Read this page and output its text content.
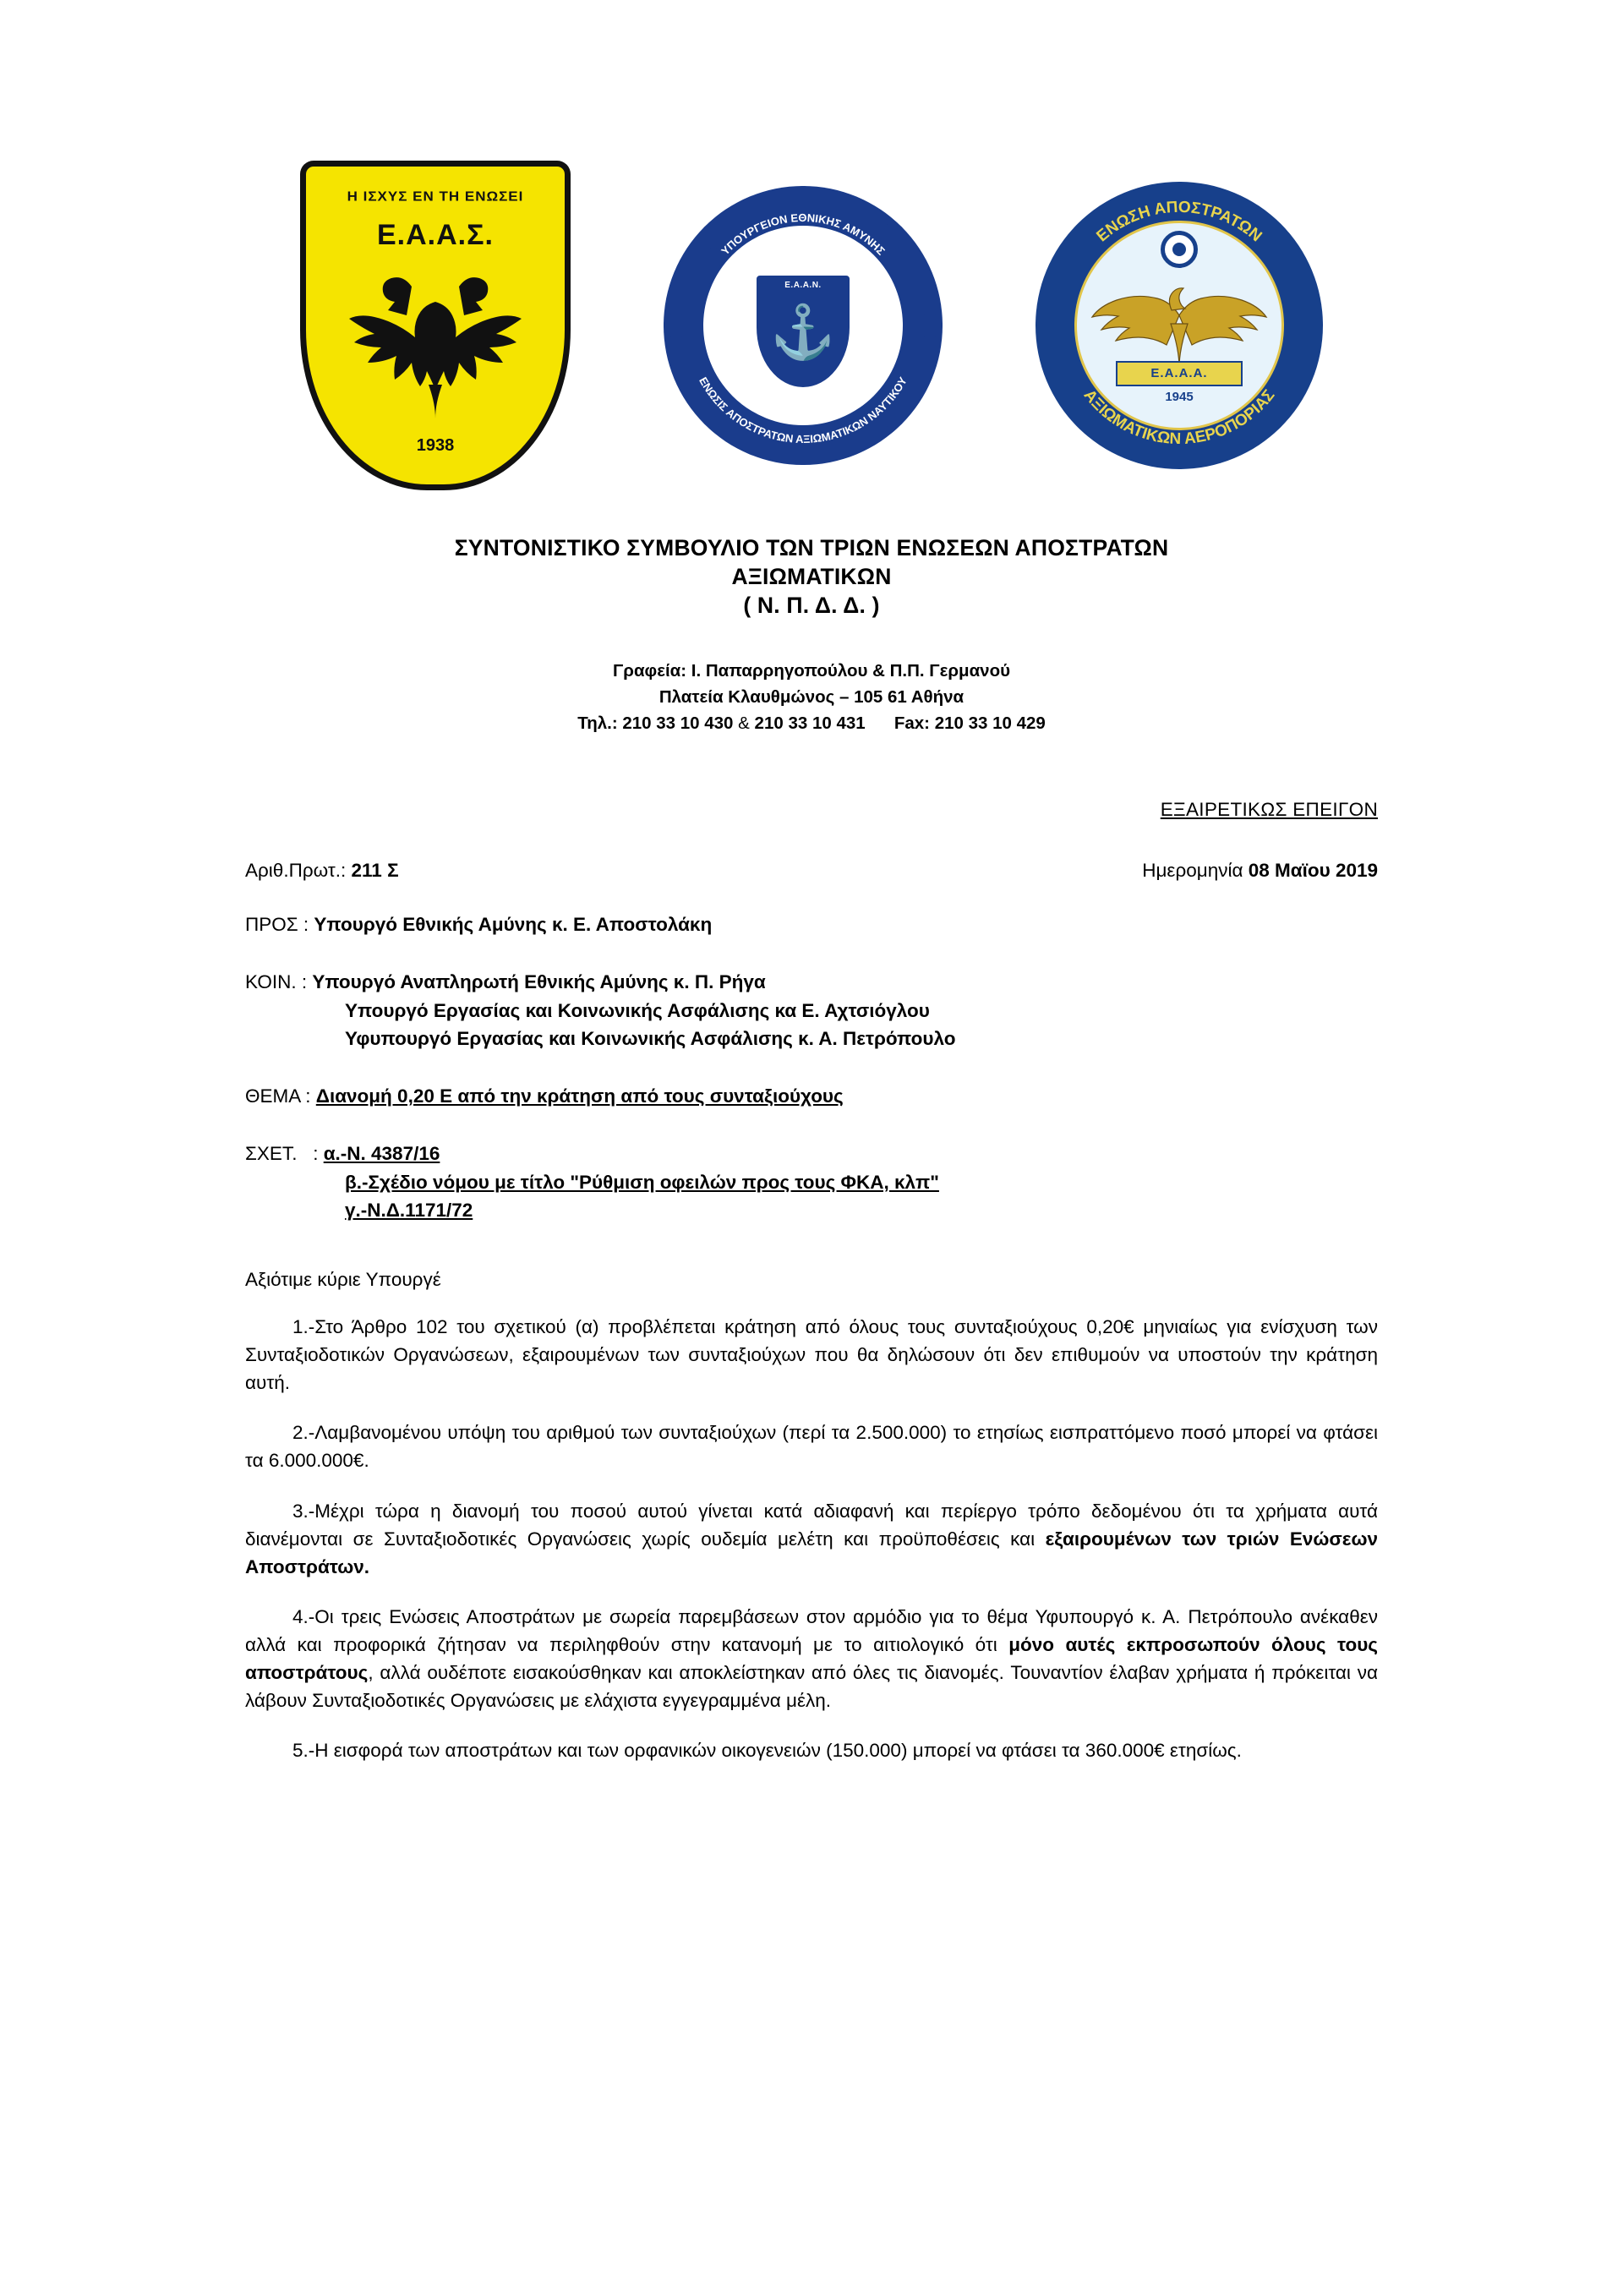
Η ΙΣΧΥΣ ΕΝ ΤΗ ΕΝΩΣΕΙ
Ε.Α.Α.Σ.
1938
ΥΠΟΥΡΓΕΙΟΝ ΕΘΝΙΚΗΣ ΑΜΥΝΗΣ
ΓΕΝΙΚΟΝ ΕΠΙΤΕΛΕΙΟΝ ΝΑΥΤΙΚΟΥ
ΕΝΩΣΙΣ ΑΠΟΣΤΡΑΤΩΝ ΑΞΙΩΜΑΤΙΚΩΝ ΝΑΥΤΙΚΟΥ
Ε.Α.Α.Ν.
⚓
ΕΝΩΣΗ ΑΠΟΣΤΡΑΤΩΝ
ΑΞΙΩΜΑΤΙΚΩΝ ΑΕΡΟΠΟΡΙΑΣ
Ε.Α.Α.Α.
1945
ΣΥΝΤΟΝΙΣΤΙΚΟ ΣΥΜΒΟΥΛΙΟ ΤΩΝ ΤΡΙΩΝ ΕΝΩΣΕΩΝ ΑΠΟΣΤΡΑΤΩΝ
ΑΞΙΩΜΑΤΙΚΩΝ
( Ν. Π. Δ. Δ. )
Γραφεία: Ι. Παπαρρηγοπούλου & Π.Π. Γερμανού
Πλατεία Κλαυθμώνος – 105 61 Αθήνα
Τηλ.: 210 33 10 430 & 210 33 10 431 Fax: 210 33 10 429
ΕΞΑΙΡΕΤΙΚΩΣ ΕΠΕΙΓΟΝ
Αριθ.Πρωτ.: 211 Σ	Ημερομηνία 08 Μαϊου 2019
ΠΡΟΣ : Υπουργό Εθνικής Αμύνης κ. Ε. Αποστολάκη
ΚΟΙΝ. : Υπουργό Αναπληρωτή Εθνικής Αμύνης κ. Π. Ρήγα
Υπουργό Εργασίας και Κοινωνικής Ασφάλισης κα Ε. Αχτσιόγλου
Υφυπουργό Εργασίας και Κοινωνικής Ασφάλισης κ. Α. Πετρόπουλο
ΘΕΜΑ : Διανομή 0,20 Ε από την κράτηση από τους συνταξιούχους
ΣΧΕΤ.   : α.-Ν. 4387/16
β.-Σχέδιο νόμου με τίτλο "Ρύθμιση οφειλών προς τους ΦΚΑ, κλπ"
γ.-Ν.Δ.1171/72
Αξιότιμε κύριε Υπουργέ

1.-Στο Άρθρο 102 του σχετικού (α) προβλέπεται κράτηση από όλους τους συνταξιούχους 0,20€ μηνιαίως για ενίσχυση των Συνταξιοδοτικών Οργανώσεων, εξαιρουμένων των συνταξιούχων που θα δηλώσουν ότι δεν επιθυμούν να υποστούν την κράτηση αυτή.

2.-Λαμβανομένου υπόψη του αριθμού των συνταξιούχων (περί τα 2.500.000) το ετησίως εισπραττόμενο ποσό μπορεί να φτάσει τα 6.000.000€.

3.-Μέχρι τώρα η διανομή του ποσού αυτού γίνεται κατά αδιαφανή και περίεργο τρόπο δεδομένου ότι τα χρήματα αυτά διανέμονται σε Συνταξιοδοτικές Οργανώσεις χωρίς ουδεμία μελέτη και προϋποθέσεις και εξαιρουμένων των τριών Ενώσεων Αποστράτων.

4.-Οι τρεις Ενώσεις Αποστράτων με σωρεία παρεμβάσεων στον αρμόδιο για το θέμα Υφυπουργό κ. Α. Πετρόπουλο ανέκαθεν αλλά και προφορικά ζήτησαν να περιληφθούν στην κατανομή με το αιτιολογικό ότι μόνο αυτές εκπροσωπούν όλους τους αποστράτους, αλλά ουδέποτε εισακούσθηκαν και αποκλείστηκαν από όλες τις διανομές. Τουναντίον έλαβαν χρήματα ή πρόκειται να λάβουν Συνταξιοδοτικές Οργανώσεις με ελάχιστα εγγεγραμμένα μέλη.

5.-Η εισφορά των αποστράτων και των ορφανικών οικογενειών (150.000) μπορεί να φτάσει τα 360.000€ ετησίως.
